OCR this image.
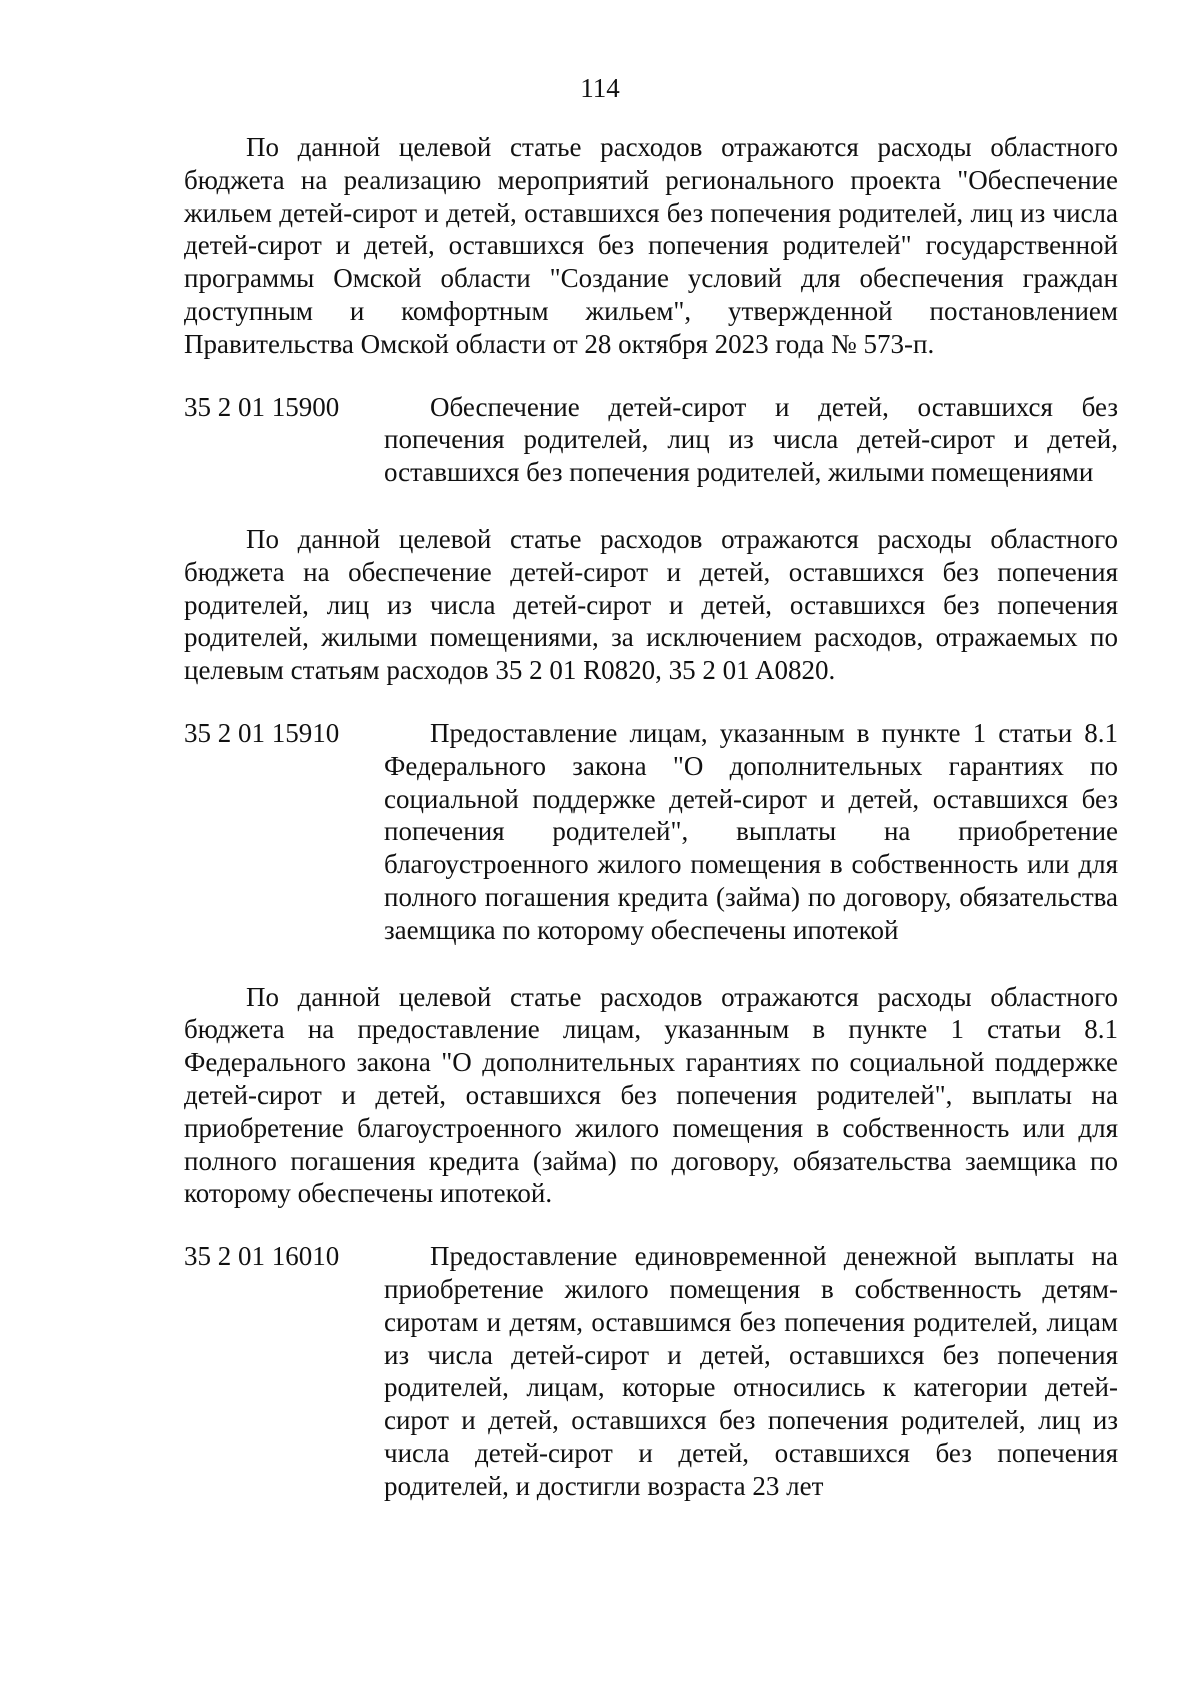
114

По данной целевой статье расходов отражаются расходы областного бюджета на реализацию мероприятий регионального проекта "Обеспечение жильем детей-сирот и детей, оставшихся без попечения родителей, лиц из числа детей-сирот и детей, оставшихся без попечения родителей" государственной программы Омской области "Создание условий для обеспечения граждан доступным и комфортным жильем", утвержденной постановлением Правительства Омской области от 28 октября 2023 года № 573-п.

35 2 01 15900	Обеспечение детей-сирот и детей, оставшихся без попечения родителей, лиц из числа детей-сирот и детей, оставшихся без попечения родителей, жилыми помещениями

По данной целевой статье расходов отражаются расходы областного бюджета на обеспечение детей-сирот и детей, оставшихся без попечения родителей, лиц из числа детей-сирот и детей, оставшихся без попечения родителей, жилыми помещениями, за исключением расходов, отражаемых по целевым статьям расходов 35 2 01 R0820, 35 2 01 A0820.

35 2 01 15910	Предоставление лицам, указанным в пункте 1 статьи 8.1 Федерального закона "О дополнительных гарантиях по социальной поддержке детей-сирот и детей, оставшихся без попечения родителей", выплаты на приобретение благоустроенного жилого помещения в собственность или для полного погашения кредита (займа) по договору, обязательства заемщика по которому обеспечены ипотекой

По данной целевой статье расходов отражаются расходы областного бюджета на предоставление лицам, указанным в пункте 1 статьи 8.1 Федерального закона "О дополнительных гарантиях по социальной поддержке детей-сирот и детей, оставшихся без попечения родителей", выплаты на приобретение благоустроенного жилого помещения в собственность или для полного погашения кредита (займа) по договору, обязательства заемщика по которому обеспечены ипотекой.

35 2 01 16010	Предоставление единовременной денежной выплаты на приобретение жилого помещения в собственность детям-сиротам и детям, оставшимся без попечения родителей, лицам из числа детей-сирот и детей, оставшихся без попечения родителей, лицам, которые относились к категории детей-сирот и детей, оставшихся без попечения родителей, лиц из числа детей-сирот и детей, оставшихся без попечения родителей, и достигли возраста 23 лет
